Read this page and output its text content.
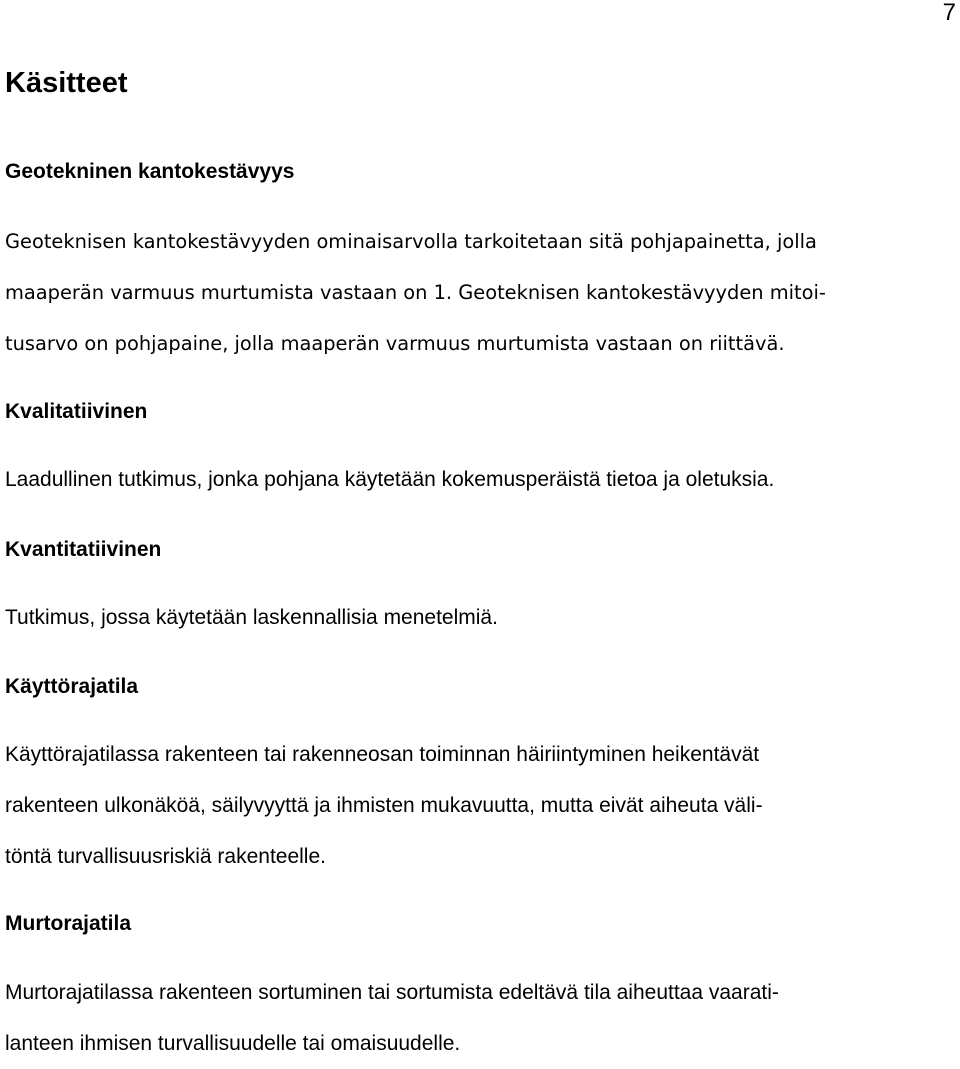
7
Käsitteet
Geotekninen kantokestävyys

Geoteknisen kantokestävyyden ominaisarvolla tarkoitetaan sitä pohjapainetta, jolla
maaperän varmuus murtumista vastaan on 1. Geoteknisen kantokestävyyden mitoi-
tusarvo on pohjapaine, jolla maaperän varmuus murtumista vastaan on riittävä.

Kvalitatiivinen

Laadullinen tutkimus, jonka pohjana käytetään kokemusperäistä tietoa ja oletuksia.

Kvantitatiivinen

Tutkimus, jossa käytetään laskennallisia menetelmiä.

Käyttörajatila

Käyttörajatilassa rakenteen tai rakenneosan toiminnan häiriintyminen heikentävät
rakenteen ulkonäköä, säilyvyyttä ja ihmisten mukavuutta, mutta eivät aiheuta väli-
töntä turvallisuusriskiä rakenteelle.

Murtorajatila

Murtorajatilassa rakenteen sortuminen tai sortumista edeltävä tila aiheuttaa vaarati-
lanteen ihmisen turvallisuudelle tai omaisuudelle.
